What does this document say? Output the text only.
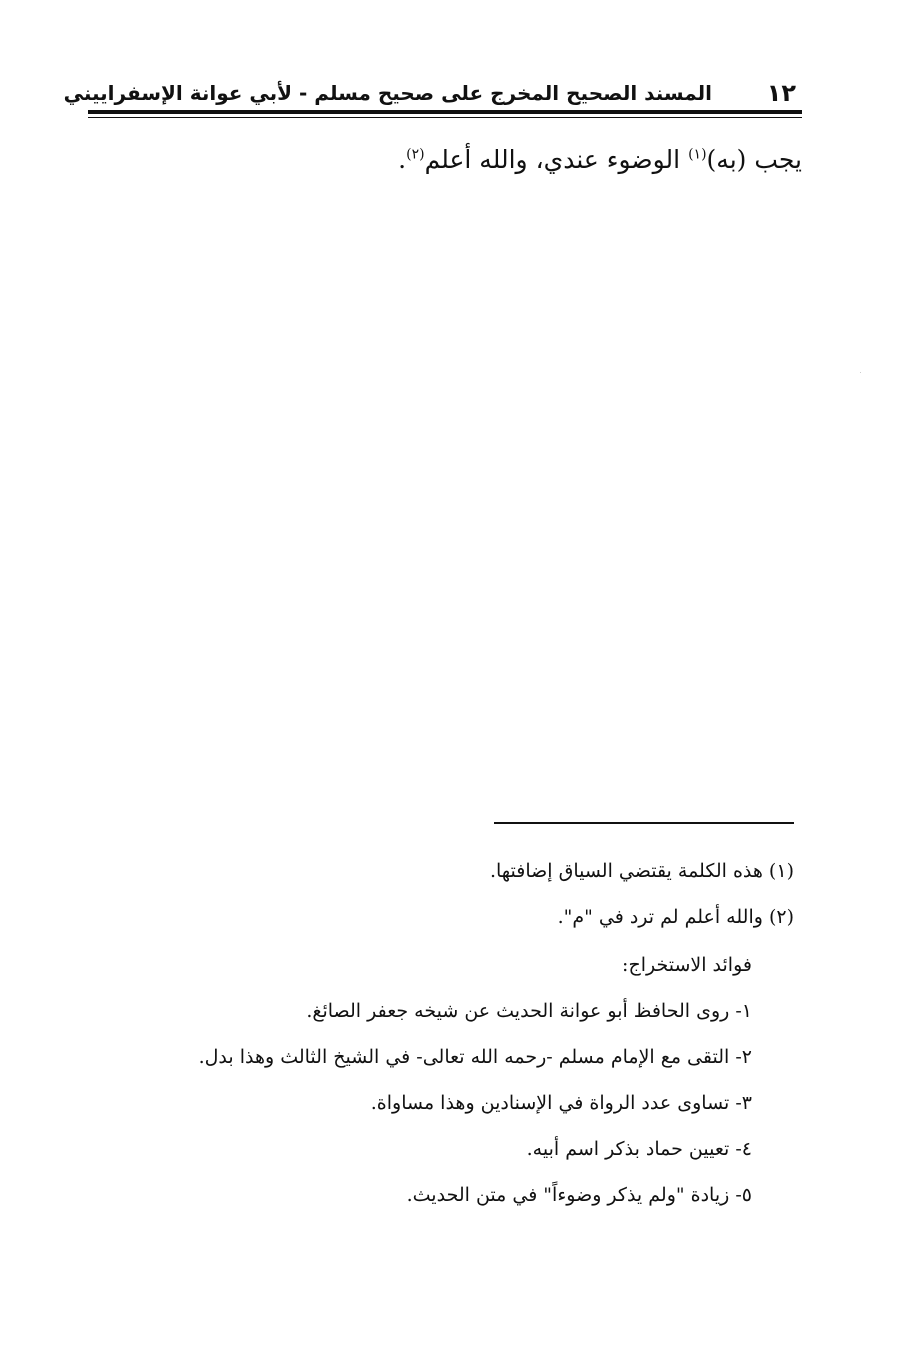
١٢
المسند الصحيح المخرج على صحيح مسلم - لأبي عوانة الإسفراييني
يجب (به)$^{(١)}$ الوضوء عندي، والله أعلم$^{(٢)}$.
(١) هذه الكلمة يقتضي السياق إضافتها.
(٢) والله أعلم لم ترد في "م".
فوائد الاستخراج:
١- روى الحافظ أبو عوانة الحديث عن شيخه جعفر الصائغ.
٢- التقى مع الإمام مسلم -رحمه الله تعالى- في الشيخ الثالث وهذا بدل.
٣- تساوى عدد الرواة في الإسنادين وهذا مساواة.
٤- تعيين حماد بذكر اسم أبيه.
٥- زيادة "ولم يذكر وضوءاً" في متن الحديث.
